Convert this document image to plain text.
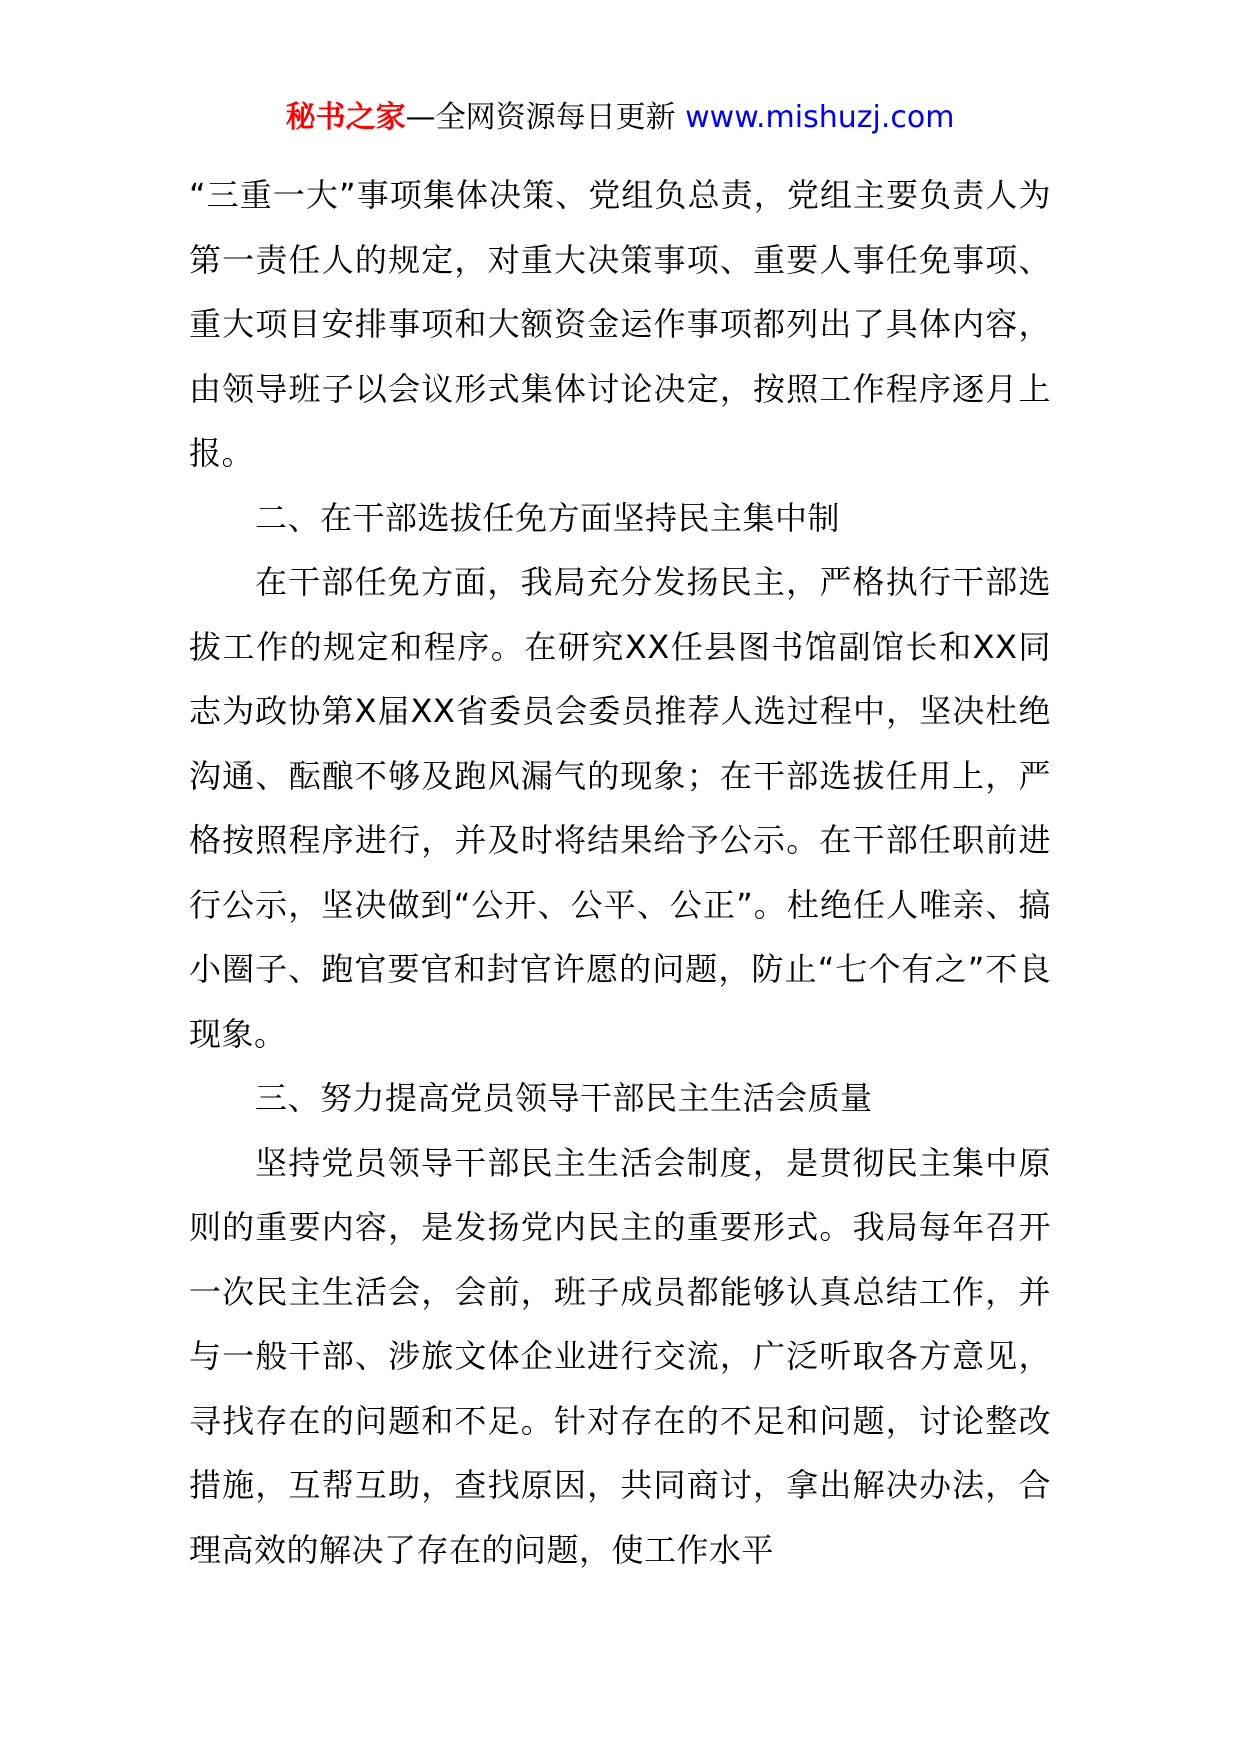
秘书之家—全网资源每日更新 www.mishuzj.com

“三重一大”事项集体决策、党组负总责，党组主要负责人为第一责任人的规定，对重大决策事项、重要人事任免事项、重大项目安排事项和大额资金运作事项都列出了具体内容，由领导班子以会议形式集体讨论决定，按照工作程序逐月上报。

二、在干部选拔任免方面坚持民主集中制

在干部任免方面，我局充分发扬民主，严格执行干部选拔工作的规定和程序。在研究XX任县图书馆副馆长和XX同志为政协第X届XX省委员会委员推荐人选过程中，坚决杜绝沟通、酝酿不够及跑风漏气的现象；在干部选拔任用上，严格按照程序进行，并及时将结果给予公示。在干部任职前进行公示，坚决做到“公开、公平、公正”。杜绝任人唯亲、搞小圈子、跑官要官和封官许愿的问题，防止“七个有之”不良现象。

三、努力提高党员领导干部民主生活会质量

坚持党员领导干部民主生活会制度，是贯彻民主集中原则的重要内容，是发扬党内民主的重要形式。我局每年召开一次民主生活会，会前，班子成员都能够认真总结工作，并与一般干部、涉旅文体企业进行交流，广泛听取各方意见，寻找存在的问题和不足。针对存在的不足和问题，讨论整改措施，互帮互助，查找原因，共同商讨，拿出解决办法，合理高效的解决了存在的问题，使工作水平
